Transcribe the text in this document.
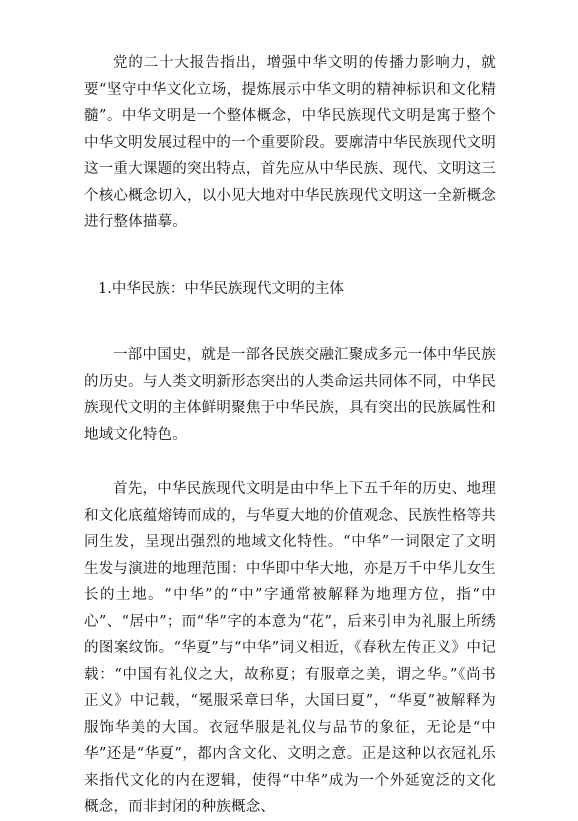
党的二十大报告指出，增强中华文明的传播力影响力，就要“坚守中华文化立场，提炼展示中华文明的精神标识和文化精髓”。中华文明是一个整体概念，中华民族现代文明是寓于整个中华文明发展过程中的一个重要阶段。要廓清中华民族现代文明这一重大课题的突出特点，首先应从中华民族、现代、文明这三个核心概念切入，以小见大地对中华民族现代文明这一全新概念进行整体描摹。

1.中华民族：中华民族现代文明的主体

一部中国史，就是一部各民族交融汇聚成多元一体中华民族的历史。与人类文明新形态突出的人类命运共同体不同，中华民族现代文明的主体鲜明聚焦于中华民族，具有突出的民族属性和地域文化特色。

首先，中华民族现代文明是由中华上下五千年的历史、地理和文化底蕴熔铸而成的，与华夏大地的价值观念、民族性格等共同生发，呈现出强烈的地域文化特性。“中华”一词限定了文明生发与演进的地理范围：中华即中华大地，亦是万千中华儿女生长的土地。“中华”的“中”字通常被解释为地理方位，指“中心”、“居中”；而“华”字的本意为“花”，后来引申为礼服上所绣的图案纹饰。“华夏”与“中华”词义相近，《春秋左传正义》中记载：“中国有礼仪之大，故称夏；有服章之美，谓之华。”《尚书正义》中记载，“冕服采章曰华，大国曰夏”，“华夏”被解释为服饰华美的大国。衣冠华服是礼仪与品节的象征，无论是“中华”还是“华夏”，都内含文化、文明之意。正是这种以衣冠礼乐来指代文化的内在逻辑，使得“中华”成为一个外延宽泛的文化概念，而非封闭的种族概念、
